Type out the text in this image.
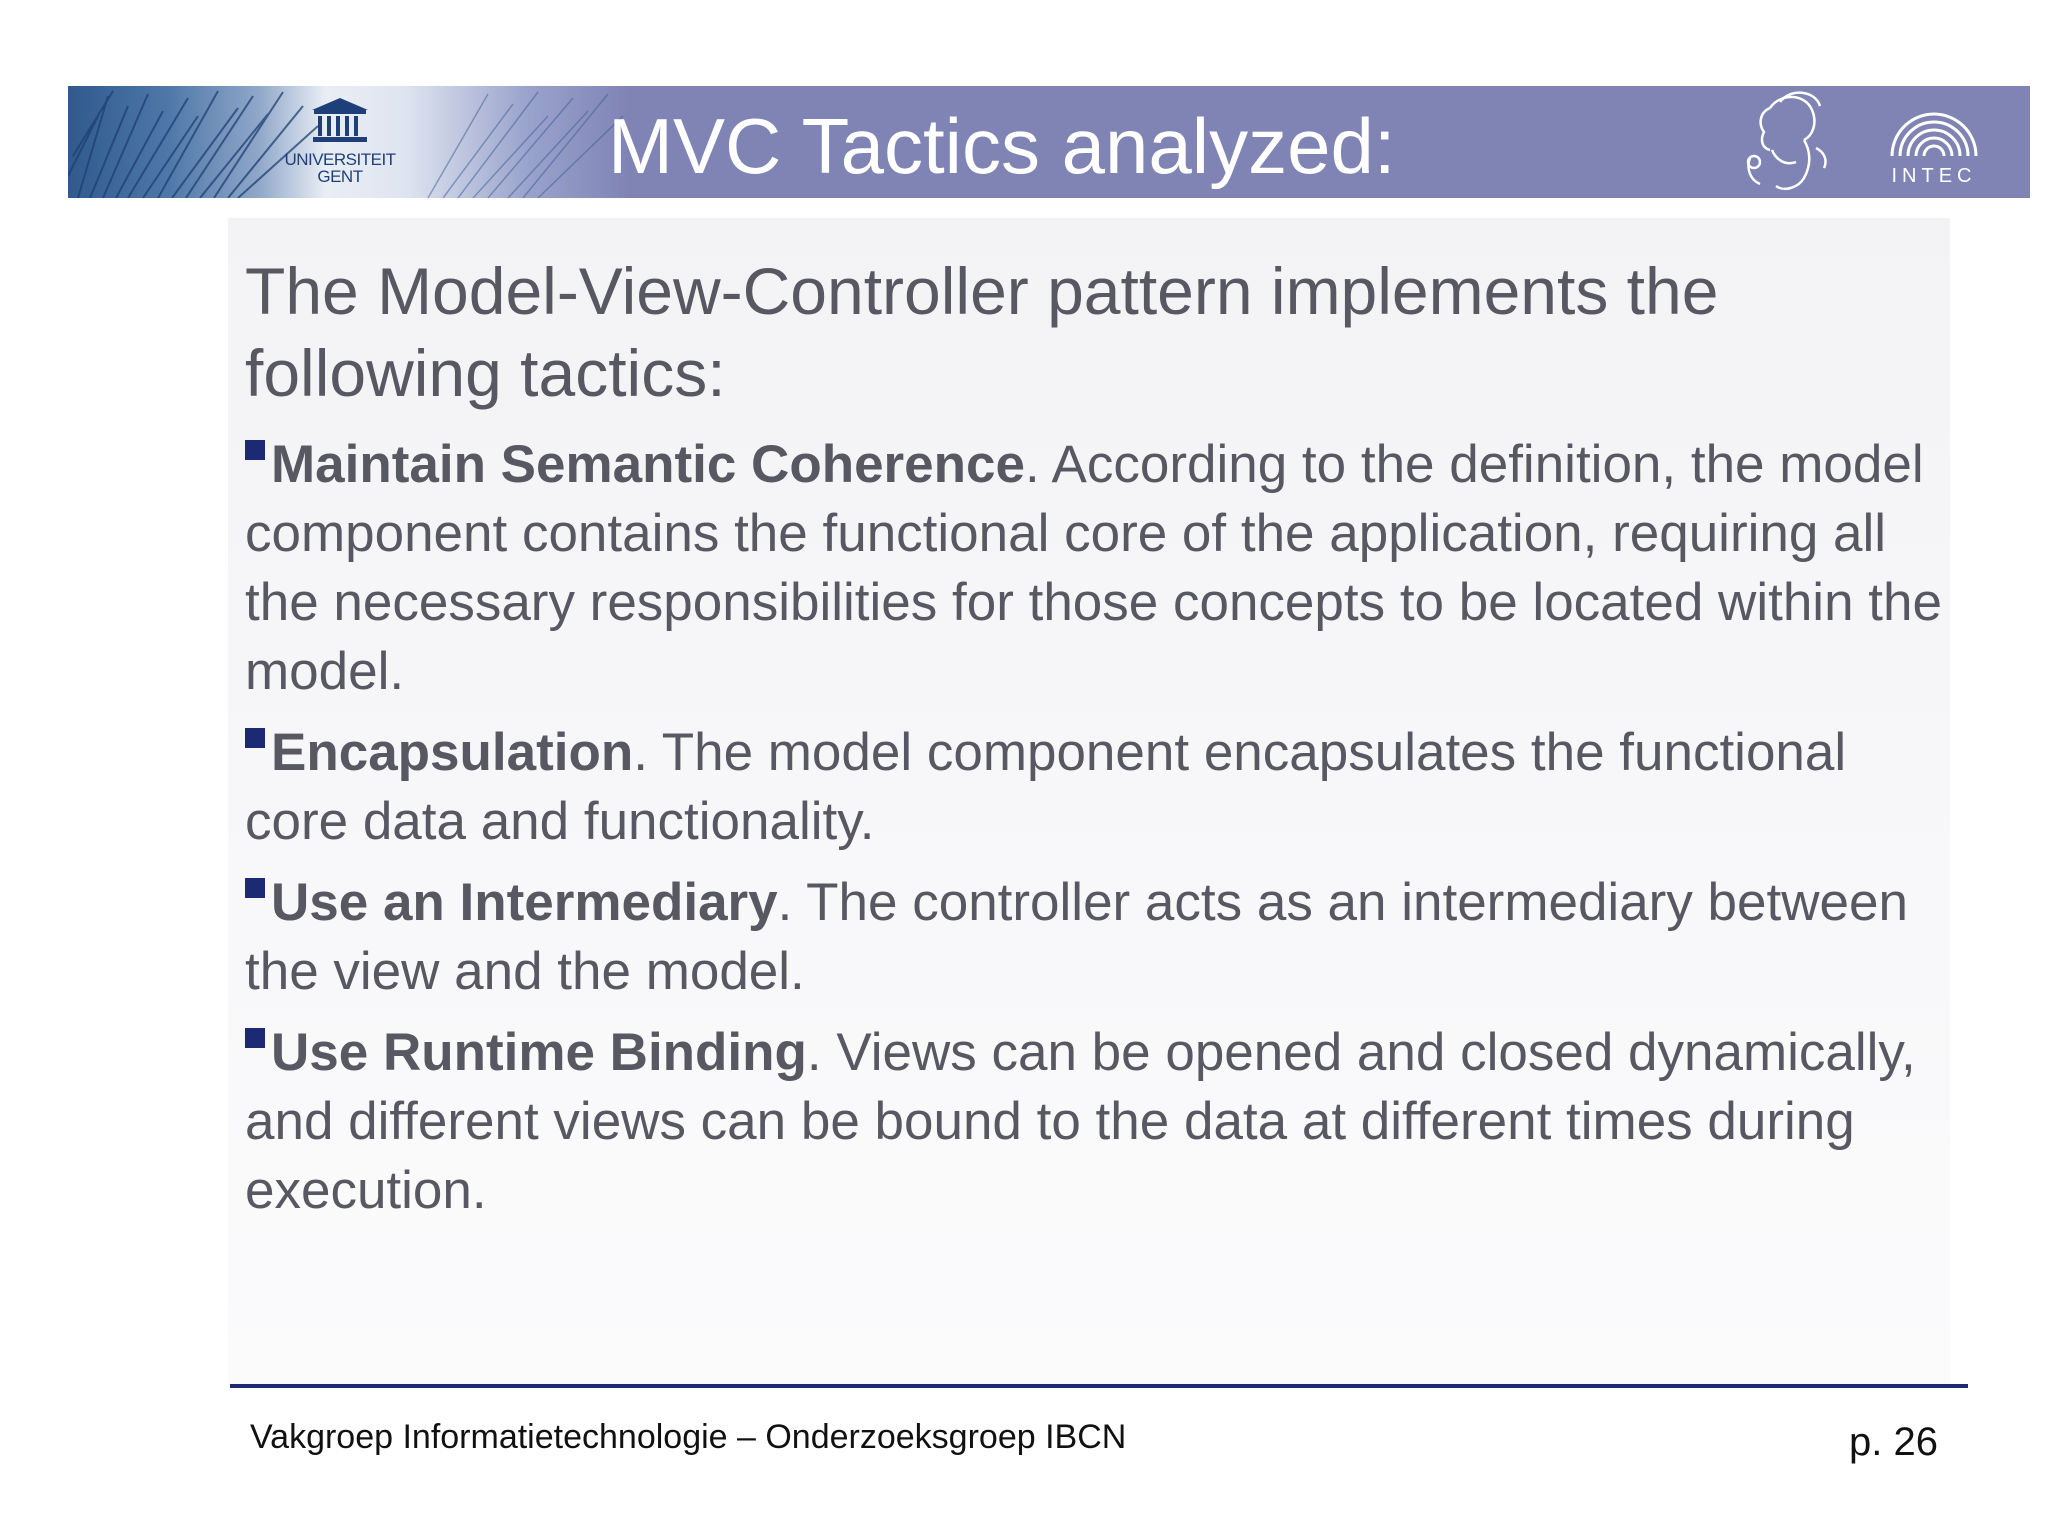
UNIVERSITEIT
GENT	MVC Tactics analyzed:	INTEC

The Model-View-Controller pattern implements the following tactics:

Maintain Semantic Coherence. According to the definition, the model component contains the functional core of the application, requiring all the necessary responsibilities for those concepts to be located within the model.

Encapsulation. The model component encapsulates the functional core data and functionality.

Use an Intermediary. The controller acts as an intermediary between the view and the model.

Use Runtime Binding. Views can be opened and closed dynamically, and different views can be bound to the data at different times during execution.

Vakgroep Informatietechnologie – Onderzoeksgroep IBCN	p. 26
